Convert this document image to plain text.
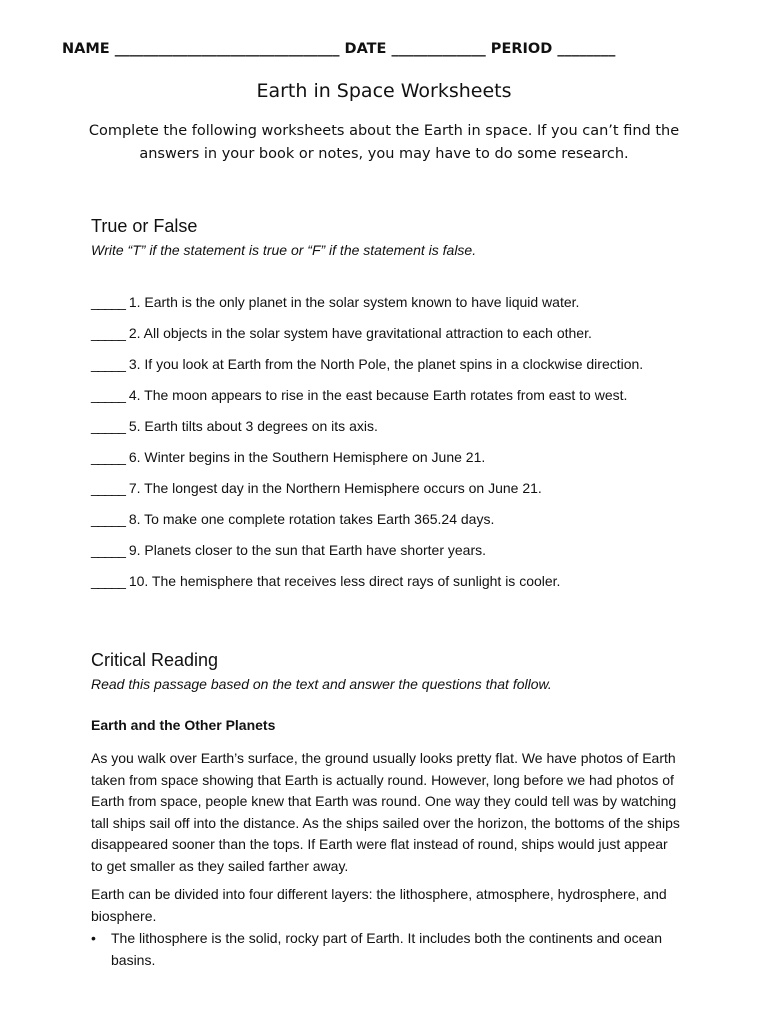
NAME _______________________________ DATE _____________ PERIOD ________
Earth in Space Worksheets
Complete the following worksheets about the Earth in space. If you can’t find the answers in your book or notes, you may have to do some research.
True or False
Write “T” if the statement is true or “F” if the statement is false.
_____ 1. Earth is the only planet in the solar system known to have liquid water.
_____ 2. All objects in the solar system have gravitational attraction to each other.
_____ 3. If you look at Earth from the North Pole, the planet spins in a clockwise direction.
_____ 4. The moon appears to rise in the east because Earth rotates from east to west.
_____ 5. Earth tilts about 3 degrees on its axis.
_____ 6. Winter begins in the Southern Hemisphere on June 21.
_____ 7. The longest day in the Northern Hemisphere occurs on June 21.
_____ 8. To make one complete rotation takes Earth 365.24 days.
_____ 9. Planets closer to the sun that Earth have shorter years.
_____ 10. The hemisphere that receives less direct rays of sunlight is cooler.
Critical Reading
Read this passage based on the text and answer the questions that follow.
Earth and the Other Planets

As you walk over Earth’s surface, the ground usually looks pretty flat. We have photos of Earth taken from space showing that Earth is actually round. However, long before we had photos of Earth from space, people knew that Earth was round. One way they could tell was by watching tall ships sail off into the distance. As the ships sailed over the horizon, the bottoms of the ships disappeared sooner than the tops. If Earth were flat instead of round, ships would just appear to get smaller as they sailed farther away.

Earth can be divided into four different layers: the lithosphere, atmosphere, hydrosphere, and biosphere.

•	The lithosphere is the solid, rocky part of Earth. It includes both the continents and ocean basins.
